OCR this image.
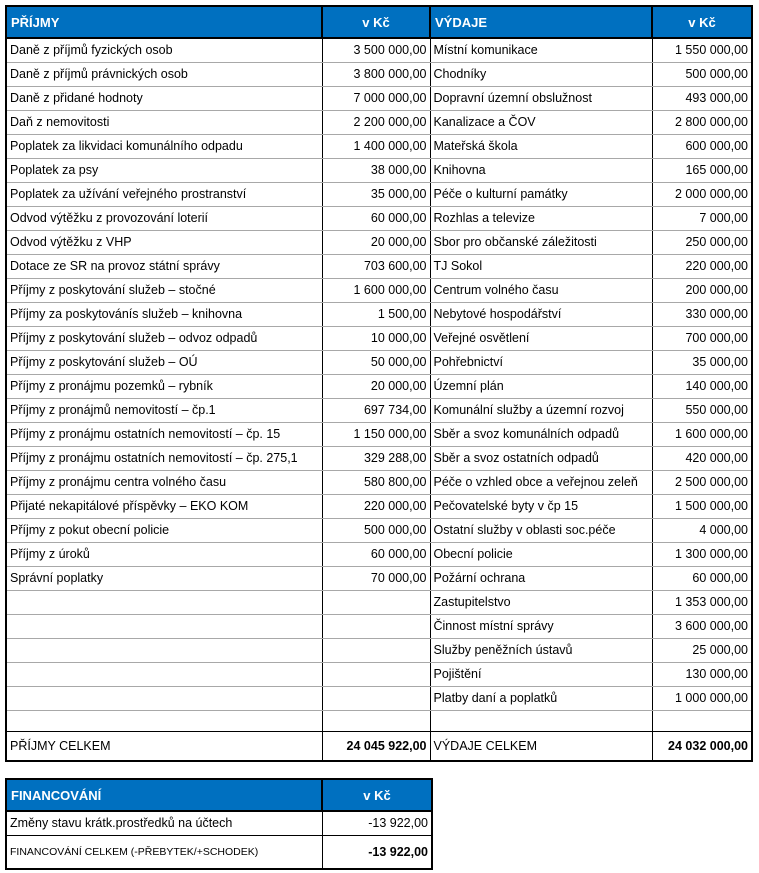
PŘÍJMY	v Kč	VÝDAJE	v Kč
Daně z příjmů fyzických osob	3 500 000,00	Místní komunikace	1 550 000,00
Daně z příjmů právnických osob	3 800 000,00	Chodníky	500 000,00
Daně z přidané hodnoty	7 000 000,00	Dopravní územní obslužnost	493 000,00
Daň z nemovitosti	2 200 000,00	Kanalizace a ČOV	2 800 000,00
Poplatek za likvidaci komunálního odpadu	1 400 000,00	Mateřská škola	600 000,00
Poplatek za psy	38 000,00	Knihovna	165 000,00
Poplatek za užívání veřejného prostranství	35 000,00	Péče o kulturní památky	2 000 000,00
Odvod výtěžku z provozování loterií	60 000,00	Rozhlas a televize	7 000,00
Odvod výtěžku z VHP	20 000,00	Sbor pro občanské záležitosti	250 000,00
Dotace ze SR na provoz státní správy	703 600,00	TJ Sokol	220 000,00
Příjmy z poskytování služeb – stočné	1 600 000,00	Centrum volného času	200 000,00
Příjmy za poskytovánís služeb – knihovna	1 500,00	Nebytové hospodářství	330 000,00
Příjmy z poskytování služeb – odvoz odpadů	10 000,00	Veřejné osvětlení	700 000,00
Příjmy z poskytování služeb – OÚ	50 000,00	Pohřebnictví	35 000,00
Příjmy z pronájmu pozemků – rybník	20 000,00	Územní plán	140 000,00
Příjmy z pronájmů nemovitostí – čp.1	697 734,00	Komunální služby a územní rozvoj	550 000,00
Příjmy z pronájmu ostatních nemovitostí – čp. 15	1 150 000,00	Sběr a svoz komunálních odpadů	1 600 000,00
Příjmy z pronájmu ostatních nemovitostí – čp. 275,1	329 288,00	Sběr a svoz ostatních odpadů	420 000,00
Příjmy z pronájmu centra volného času	580 800,00	Péče o vzhled obce a veřejnou zeleň	2 500 000,00
Přijaté nekapitálové příspěvky – EKO KOM	220 000,00	Pečovatelské byty v čp 15	1 500 000,00
Příjmy z pokut obecní policie	500 000,00	Ostatní služby v oblasti soc.péče	4 000,00
Příjmy z úroků	60 000,00	Obecní policie	1 300 000,00
Správní poplatky	70 000,00	Požární ochrana	60 000,00
		Zastupitelstvo	1 353 000,00
		Činnost místní správy	3 600 000,00
		Služby peněžních ústavů	25 000,00
		Pojištění	130 000,00
		Platby daní a poplatků	1 000 000,00

PŘÍJMY CELKEM	24 045 922,00	VÝDAJE CELKEM	24 032 000,00
FINANCOVÁNÍ	v Kč
Změny stavu krátk.prostředků na účtech	-13 922,00
FINANCOVÁNÍ CELKEM (-PŘEBYTEK/+SCHODEK)	-13 922,00
